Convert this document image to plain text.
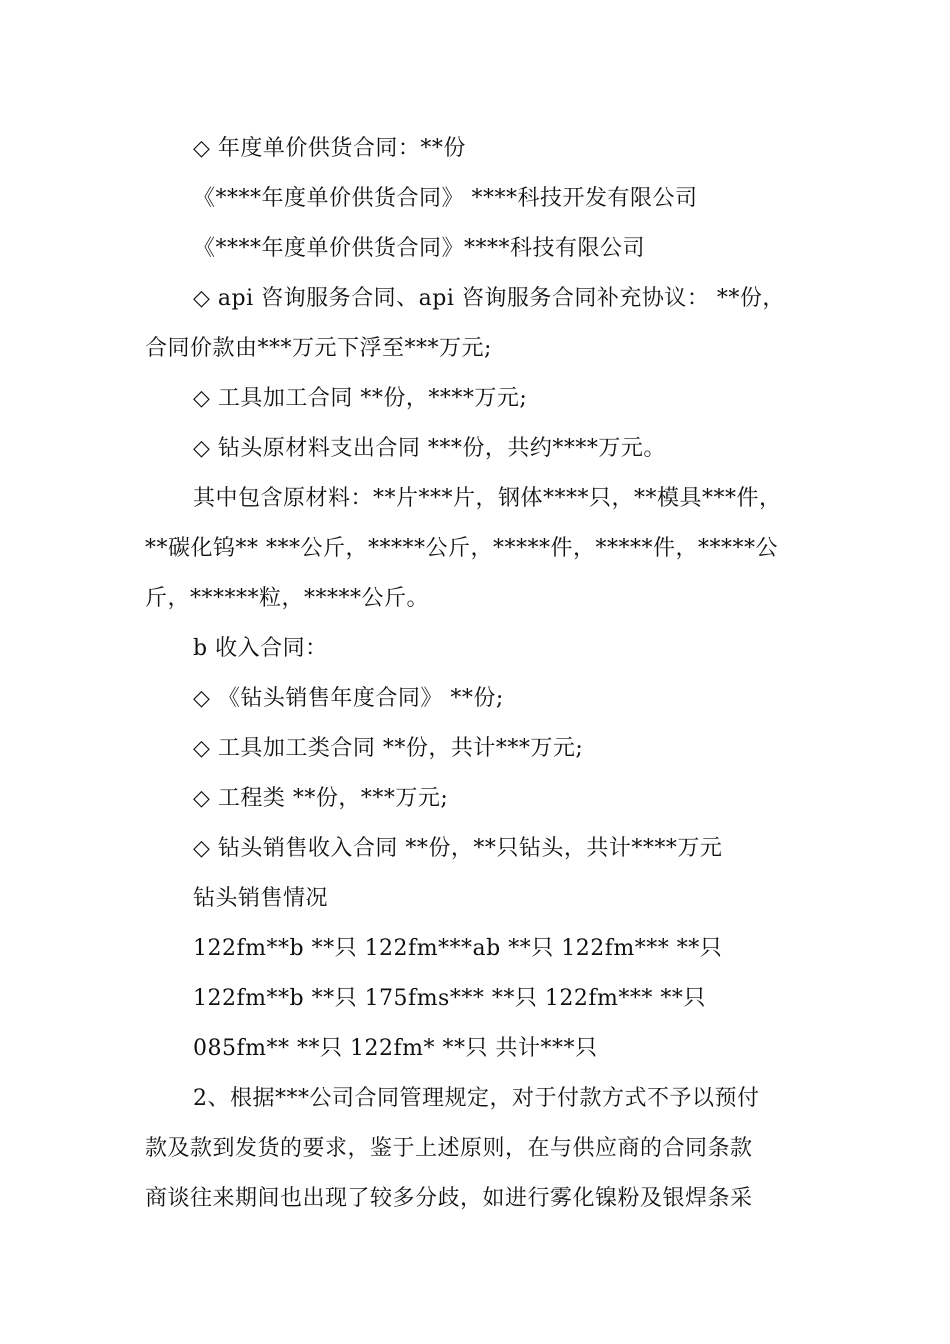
◇ 年度单价供货合同：**份
《****年度单价供货合同》 ****科技开发有限公司
《****年度单价供货合同》****科技有限公司
◇ api 咨询服务合同、api 咨询服务合同补充协议： **份，
合同价款由***万元下浮至***万元;
◇ 工具加工合同 **份，****万元;
◇ 钻头原材料支出合同 ***份，共约****万元。
其中包含原材料：**片***片，钢体****只，**模具***件，
**碳化钨** ***公斤，*****公斤，*****件，*****件，*****公
斤，******粒，*****公斤。
b 收入合同：
◇ 《钻头销售年度合同》 **份;
◇ 工具加工类合同 **份，共计***万元;
◇ 工程类 **份，***万元;
◇ 钻头销售收入合同 **份，**只钻头，共计****万元
钻头销售情况
122fm**b **只 122fm***ab **只 122fm*** **只
122fm**b **只 175fms*** **只 122fm*** **只
085fm** **只 122fm* **只 共计***只
2、根据***公司合同管理规定，对于付款方式不予以预付
款及款到发货的要求，鉴于上述原则，在与供应商的合同条款
商谈往来期间也出现了较多分歧，如进行雾化镍粉及银焊条采
